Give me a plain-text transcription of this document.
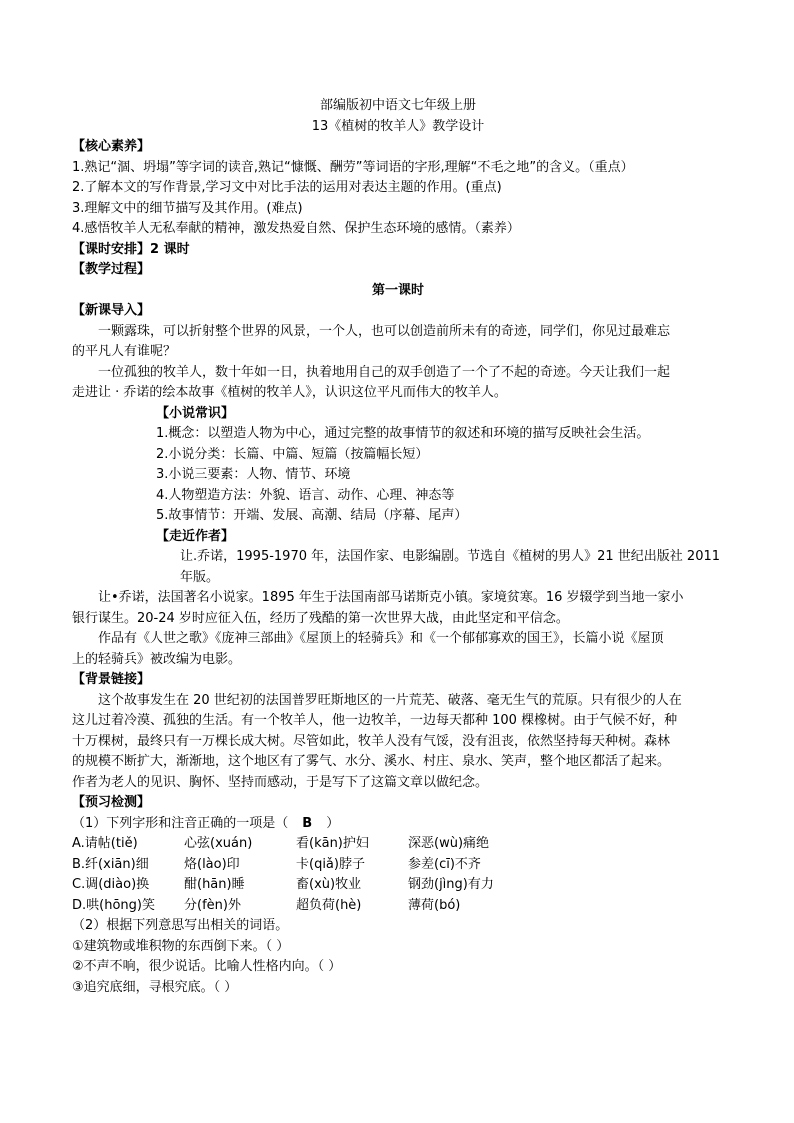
部编版初中语文七年级上册
13《植树的牧羊人》教学设计
【核心素养】
1.熟记“涸、坍塌”等字词的读音,熟记“慷慨、酬劳”等词语的字形,理解“不毛之地”的含义。（重点）
2.了解本文的写作背景,学习文中对比手法的运用对表达主题的作用。(重点)
3.理解文中的细节描写及其作用。(难点)
4.感悟牧羊人无私奉献的精神，激发热爱自然、保护生态环境的感情。（素养）
【课时安排】2 课时
【教学过程】
第一课时
【新课导入】
一颗露珠，可以折射整个世界的风景，一个人，也可以创造前所未有的奇迹，同学们，你见过最难忘
的平凡人有谁呢？
一位孤独的牧羊人，数十年如一日，执着地用自己的双手创造了一个了不起的奇迹。今天让我们一起
走进让 · 乔诺的绘本故事《植树的牧羊人》，认识这位平凡而伟大的牧羊人。
【小说常识】
1.概念：以塑造人物为中心，通过完整的故事情节的叙述和环境的描写反映社会生活。
2.小说分类：长篇、中篇、短篇（按篇幅长短）
3.小说三要素：人物、情节、环境
4.人物塑造方法：外貌、语言、动作、心理、神态等
5.故事情节：开端、发展、高潮、结局（序幕、尾声）
【走近作者】
让.乔诺，1995-1970 年，法国作家、电影编剧。节选自《植树的男人》21 世纪出版社 2011
年版。
让•乔诺，法国著名小说家。1895 年生于法国南部马诺斯克小镇。家境贫寒。16 岁辍学到当地一家小
银行谋生。20-24 岁时应征入伍，经历了残酷的第一次世界大战，由此坚定和平信念。
作品有《人世之歌》《庞神三部曲》《屋顶上的轻骑兵》和《一个郁郁寡欢的国王》，长篇小说《屋顶
上的轻骑兵》被改编为电影。
【背景链接】
这个故事发生在 20 世纪初的法国普罗旺斯地区的一片荒芜、破落、毫无生气的荒原。只有很少的人在
这儿过着冷漠、孤独的生活。有一个牧羊人，他一边牧羊，一边每天都种 100 棵橡树。由于气候不好，种
十万棵树，最终只有一万棵长成大树。尽管如此，牧羊人没有气馁，没有沮丧，依然坚持每天种树。森林
的规模不断扩大，渐渐地，这个地区有了雾气、水分、溪水、村庄、泉水、笑声，整个地区都活了起来。
作者为老人的见识、胸怀、坚持而感动，于是写下了这篇文章以做纪念。
【预习检测】
（1）下列字形和注音正确的一项是（ B ）
A.请帖(tiě)	心弦(xuán)	看(kān)护妇	深恶(wù)痛绝
B.纤(xiān)细	烙(lào)印	卡(qiǎ)脖子	参差(cī)不齐
C.调(diào)换	酣(hān)睡	畜(xù)牧业	钢劲(jìng)有力
D.哄(hōng)笑	分(fèn)外	超负荷(hè)	薄荷(bó)
（2）根据下列意思写出相关的词语。
①建筑物或堆积物的东西倒下来。（ ）
②不声不响，很少说话。比喻人性格内向。（ ）
③追究底细，寻根究底。（ ）
